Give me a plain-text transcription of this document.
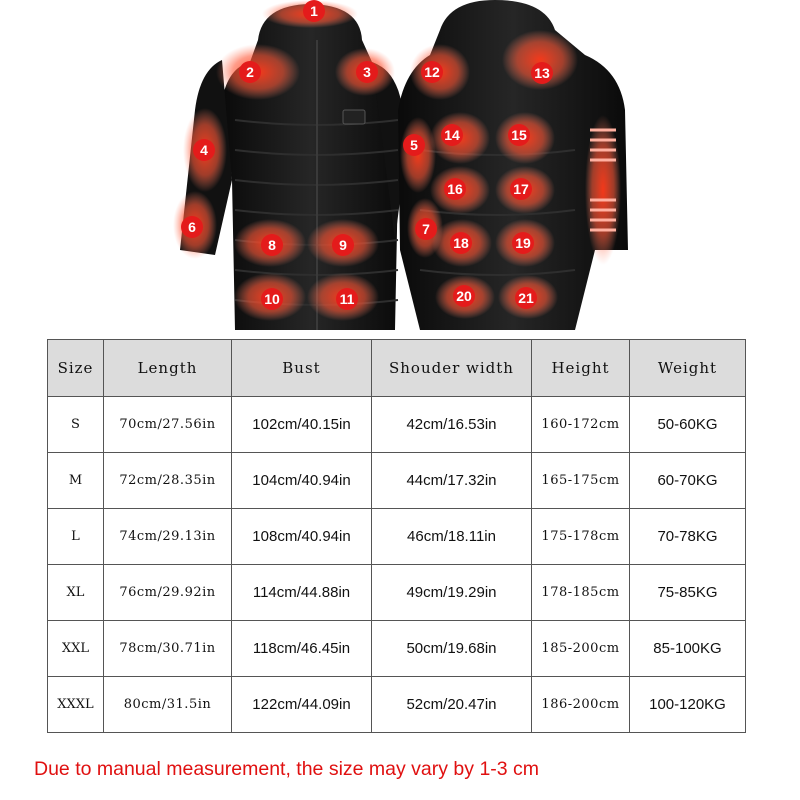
1
2	3
4	5
6	7
8	9
10	11
12	13
14	15
16	17
18	19
20	21
Size	Length	Bust	Shouder width	Height	Weight
S	70cm/27.56in	102cm/40.15in	42cm/16.53in	160-172cm	50-60KG
M	72cm/28.35in	104cm/40.94in	44cm/17.32in	165-175cm	60-70KG
L	74cm/29.13in	108cm/40.94in	46cm/18.11in	175-178cm	70-78KG
XL	76cm/29.92in	114cm/44.88in	49cm/19.29in	178-185cm	75-85KG
XXL	78cm/30.71in	118cm/46.45in	50cm/19.68in	185-200cm	85-100KG
XXXL	80cm/31.5in	122cm/44.09in	52cm/20.47in	186-200cm	100-120KG
Due to manual measurement, the size may vary by 1-3 cm
